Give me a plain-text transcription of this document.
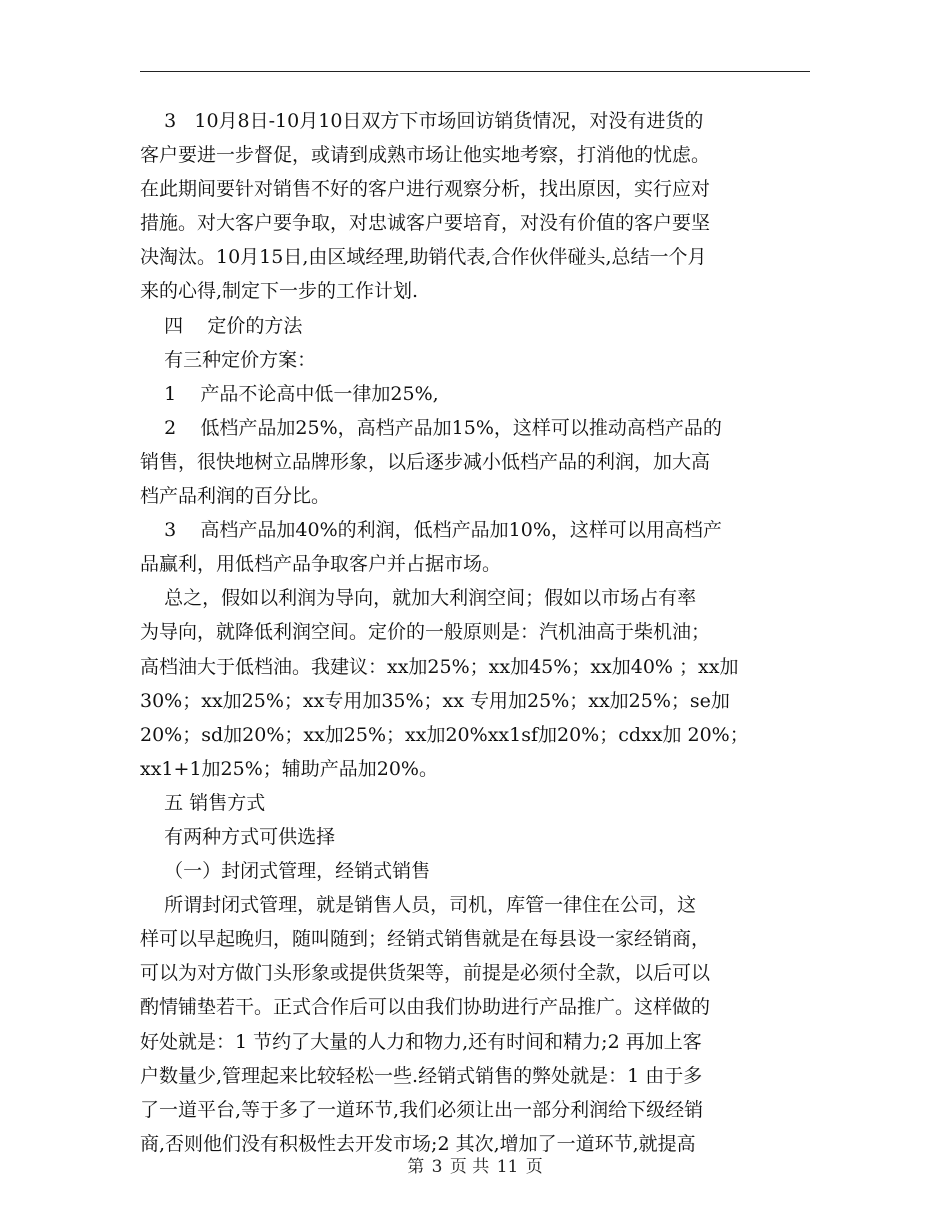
3   10月8日-10月10日双方下市场回访销货情况，对没有进货的
客户要进一步督促，或请到成熟市场让他实地考察，打消他的忧虑。
在此期间要针对销售不好的客户进行观察分析，找出原因，实行应对
措施。对大客户要争取，对忠诚客户要培育，对没有价值的客户要坚
决淘汰。10月15日,由区域经理,助销代表,合作伙伴碰头,总结一个月
来的心得,制定下一步的工作计划.
四    定价的方法
有三种定价方案：
1    产品不论高中低一律加25%,
2    低档产品加25%，高档产品加15%，这样可以推动高档产品的
销售，很快地树立品牌形象，以后逐步减小低档产品的利润，加大高
档产品利润的百分比。
3    高档产品加40%的利润，低档产品加10%，这样可以用高档产
品赢利，用低档产品争取客户并占据市场。
总之，假如以利润为导向，就加大利润空间；假如以市场占有率
为导向，就降低利润空间。定价的一般原则是：汽机油高于柴机油；
高档油大于低档油。我建议：xx加25%；xx加45%；xx加40% ；xx加
30%；xx加25%；xx专用加35%；xx 专用加25%；xx加25%；se加
20%；sd加20%；xx加25%；xx加20%xx1sf加20%；cdxx加 20%；
xx1+1加25%；辅助产品加20%。
五 销售方式
有两种方式可供选择
（一）封闭式管理，经销式销售
所谓封闭式管理，就是销售人员，司机，库管一律住在公司，这
样可以早起晚归，随叫随到；经销式销售就是在每县设一家经销商，
可以为对方做门头形象或提供货架等，前提是必须付全款，以后可以
酌情铺垫若干。正式合作后可以由我们协助进行产品推广。这样做的
好处就是：1 节约了大量的人力和物力,还有时间和精力;2 再加上客
户数量少,管理起来比较轻松一些.经销式销售的弊处就是：1 由于多
了一道平台,等于多了一道环节,我们必须让出一部分利润给下级经销
商,否则他们没有积极性去开发市场;2 其次,增加了一道环节,就提高
第 3 页 共 11 页
